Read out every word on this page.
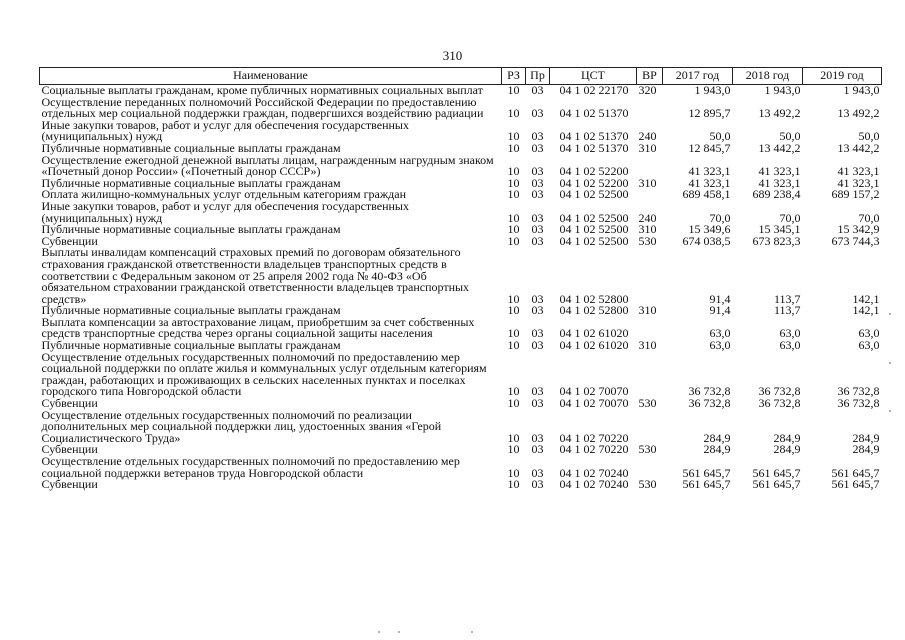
310
Наименование	РЗ	Пр	ЦСТ	ВР	2017 год	2018 год	2019 год
Социальные выплаты гражданам, кроме публичных нормативных социальных выплат	10	03	04 1 02 22170	320	1 943,0	1 943,0	1 943,0
Осуществление переданных полномочий Российской Федерации по предоставлению отдельных мер социальной поддержки граждан, подвергшихся воздействию радиации	10	03	04 1 02 51370		12 895,7	13 492,2	13 492,2
Иные закупки товаров, работ и услуг для обеспечения государственных (муниципальных) нужд	10	03	04 1 02 51370	240	50,0	50,0	50,0
Публичные нормативные социальные выплаты гражданам	10	03	04 1 02 51370	310	12 845,7	13 442,2	13 442,2
Осуществление ежегодной денежной выплаты лицам, награжденным нагрудным знаком «Почетный донор России» («Почетный донор СССР»)	10	03	04 1 02 52200		41 323,1	41 323,1	41 323,1
Публичные нормативные социальные выплаты гражданам	10	03	04 1 02 52200	310	41 323,1	41 323,1	41 323,1
Оплата жилищно-коммунальных услуг отдельным категориям граждан	10	03	04 1 02 52500		689 458,1	689 238,4	689 157,2
Иные закупки товаров, работ и услуг для обеспечения государственных (муниципальных) нужд	10	03	04 1 02 52500	240	70,0	70,0	70,0
Публичные нормативные социальные выплаты гражданам	10	03	04 1 02 52500	310	15 349,6	15 345,1	15 342,9
Субвенции	10	03	04 1 02 52500	530	674 038,5	673 823,3	673 744,3
Выплаты инвалидам компенсаций страховых премий по договорам обязательного страхования гражданской ответственности владельцев транспортных средств в соответствии с Федеральным законом от 25 апреля 2002 года № 40-ФЗ «Об обязательном страховании гражданской ответственности владельцев транспортных средств»	10	03	04 1 02 52800		91,4	113,7	142,1
Публичные нормативные социальные выплаты гражданам	10	03	04 1 02 52800	310	91,4	113,7	142,1
Выплата компенсации за автострахование лицам, приобретшим за счет собственных средств транспортные средства через органы социальной защиты населения	10	03	04 1 02 61020		63,0	63,0	63,0
Публичные нормативные социальные выплаты гражданам	10	03	04 1 02 61020	310	63,0	63,0	63,0
Осуществление отдельных государственных полномочий по предоставлению мер социальной поддержки по оплате жилья и коммунальных услуг отдельным категориям граждан, работающих и проживающих в сельских населенных пунктах и поселках городского типа Новгородской области	10	03	04 1 02 70070		36 732,8	36 732,8	36 732,8
Субвенции	10	03	04 1 02 70070	530	36 732,8	36 732,8	36 732,8
Осуществление отдельных государственных полномочий по реализации дополнительных мер социальной поддержки лиц, удостоенных звания «Герой Социалистического Труда»	10	03	04 1 02 70220		284,9	284,9	284,9
Субвенции	10	03	04 1 02 70220	530	284,9	284,9	284,9
Осуществление отдельных государственных полномочий по предоставлению мер социальной поддержки ветеранов труда Новгородской области	10	03	04 1 02 70240		561 645,7	561 645,7	561 645,7
Субвенции	10	03	04 1 02 70240	530	561 645,7	561 645,7	561 645,7
